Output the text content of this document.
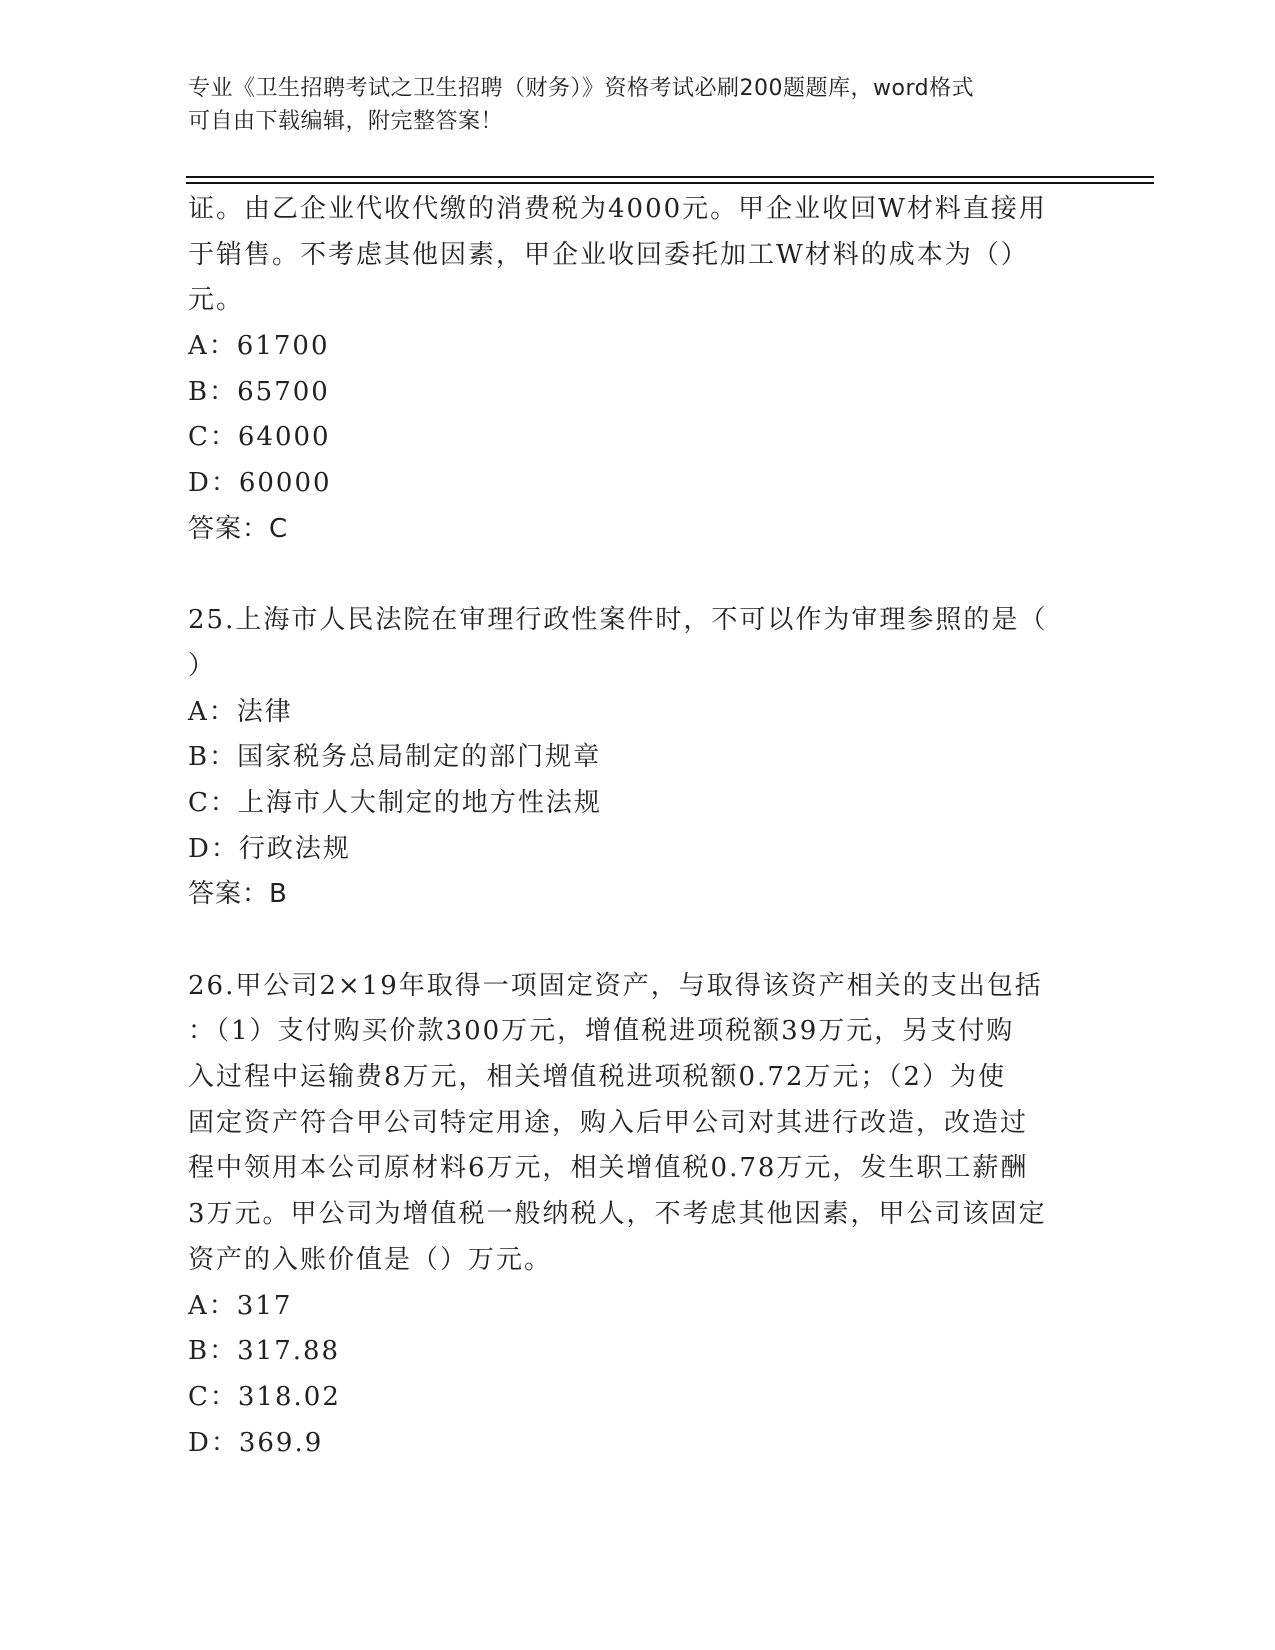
专业《卫生招聘考试之卫生招聘（财务）》资格考试必刷200题题库，word格式
可自由下载编辑，附完整答案！
证。由乙企业代收代缴的消费税为4000元。甲企业收回W材料直接用
于销售。不考虑其他因素，甲企业收回委托加工W材料的成本为（）
元。
A：61700
B：65700
C：64000
D：60000
答案：C
25.上海市人民法院在审理行政性案件时，不可以作为审理参照的是（
）
A：法律
B：国家税务总局制定的部门规章
C：上海市人大制定的地方性法规
D：行政法规
答案：B
26.甲公司2×19年取得一项固定资产，与取得该资产相关的支出包括
：（1）支付购买价款300万元，增值税进项税额39万元，另支付购
入过程中运输费8万元，相关增值税进项税额0.72万元；（2）为使
固定资产符合甲公司特定用途，购入后甲公司对其进行改造，改造过
程中领用本公司原材料6万元，相关增值税0.78万元，发生职工薪酬
3万元。甲公司为增值税一般纳税人，不考虑其他因素，甲公司该固定
资产的入账价值是（）万元。
A：317
B：317.88
C：318.02
D：369.9
